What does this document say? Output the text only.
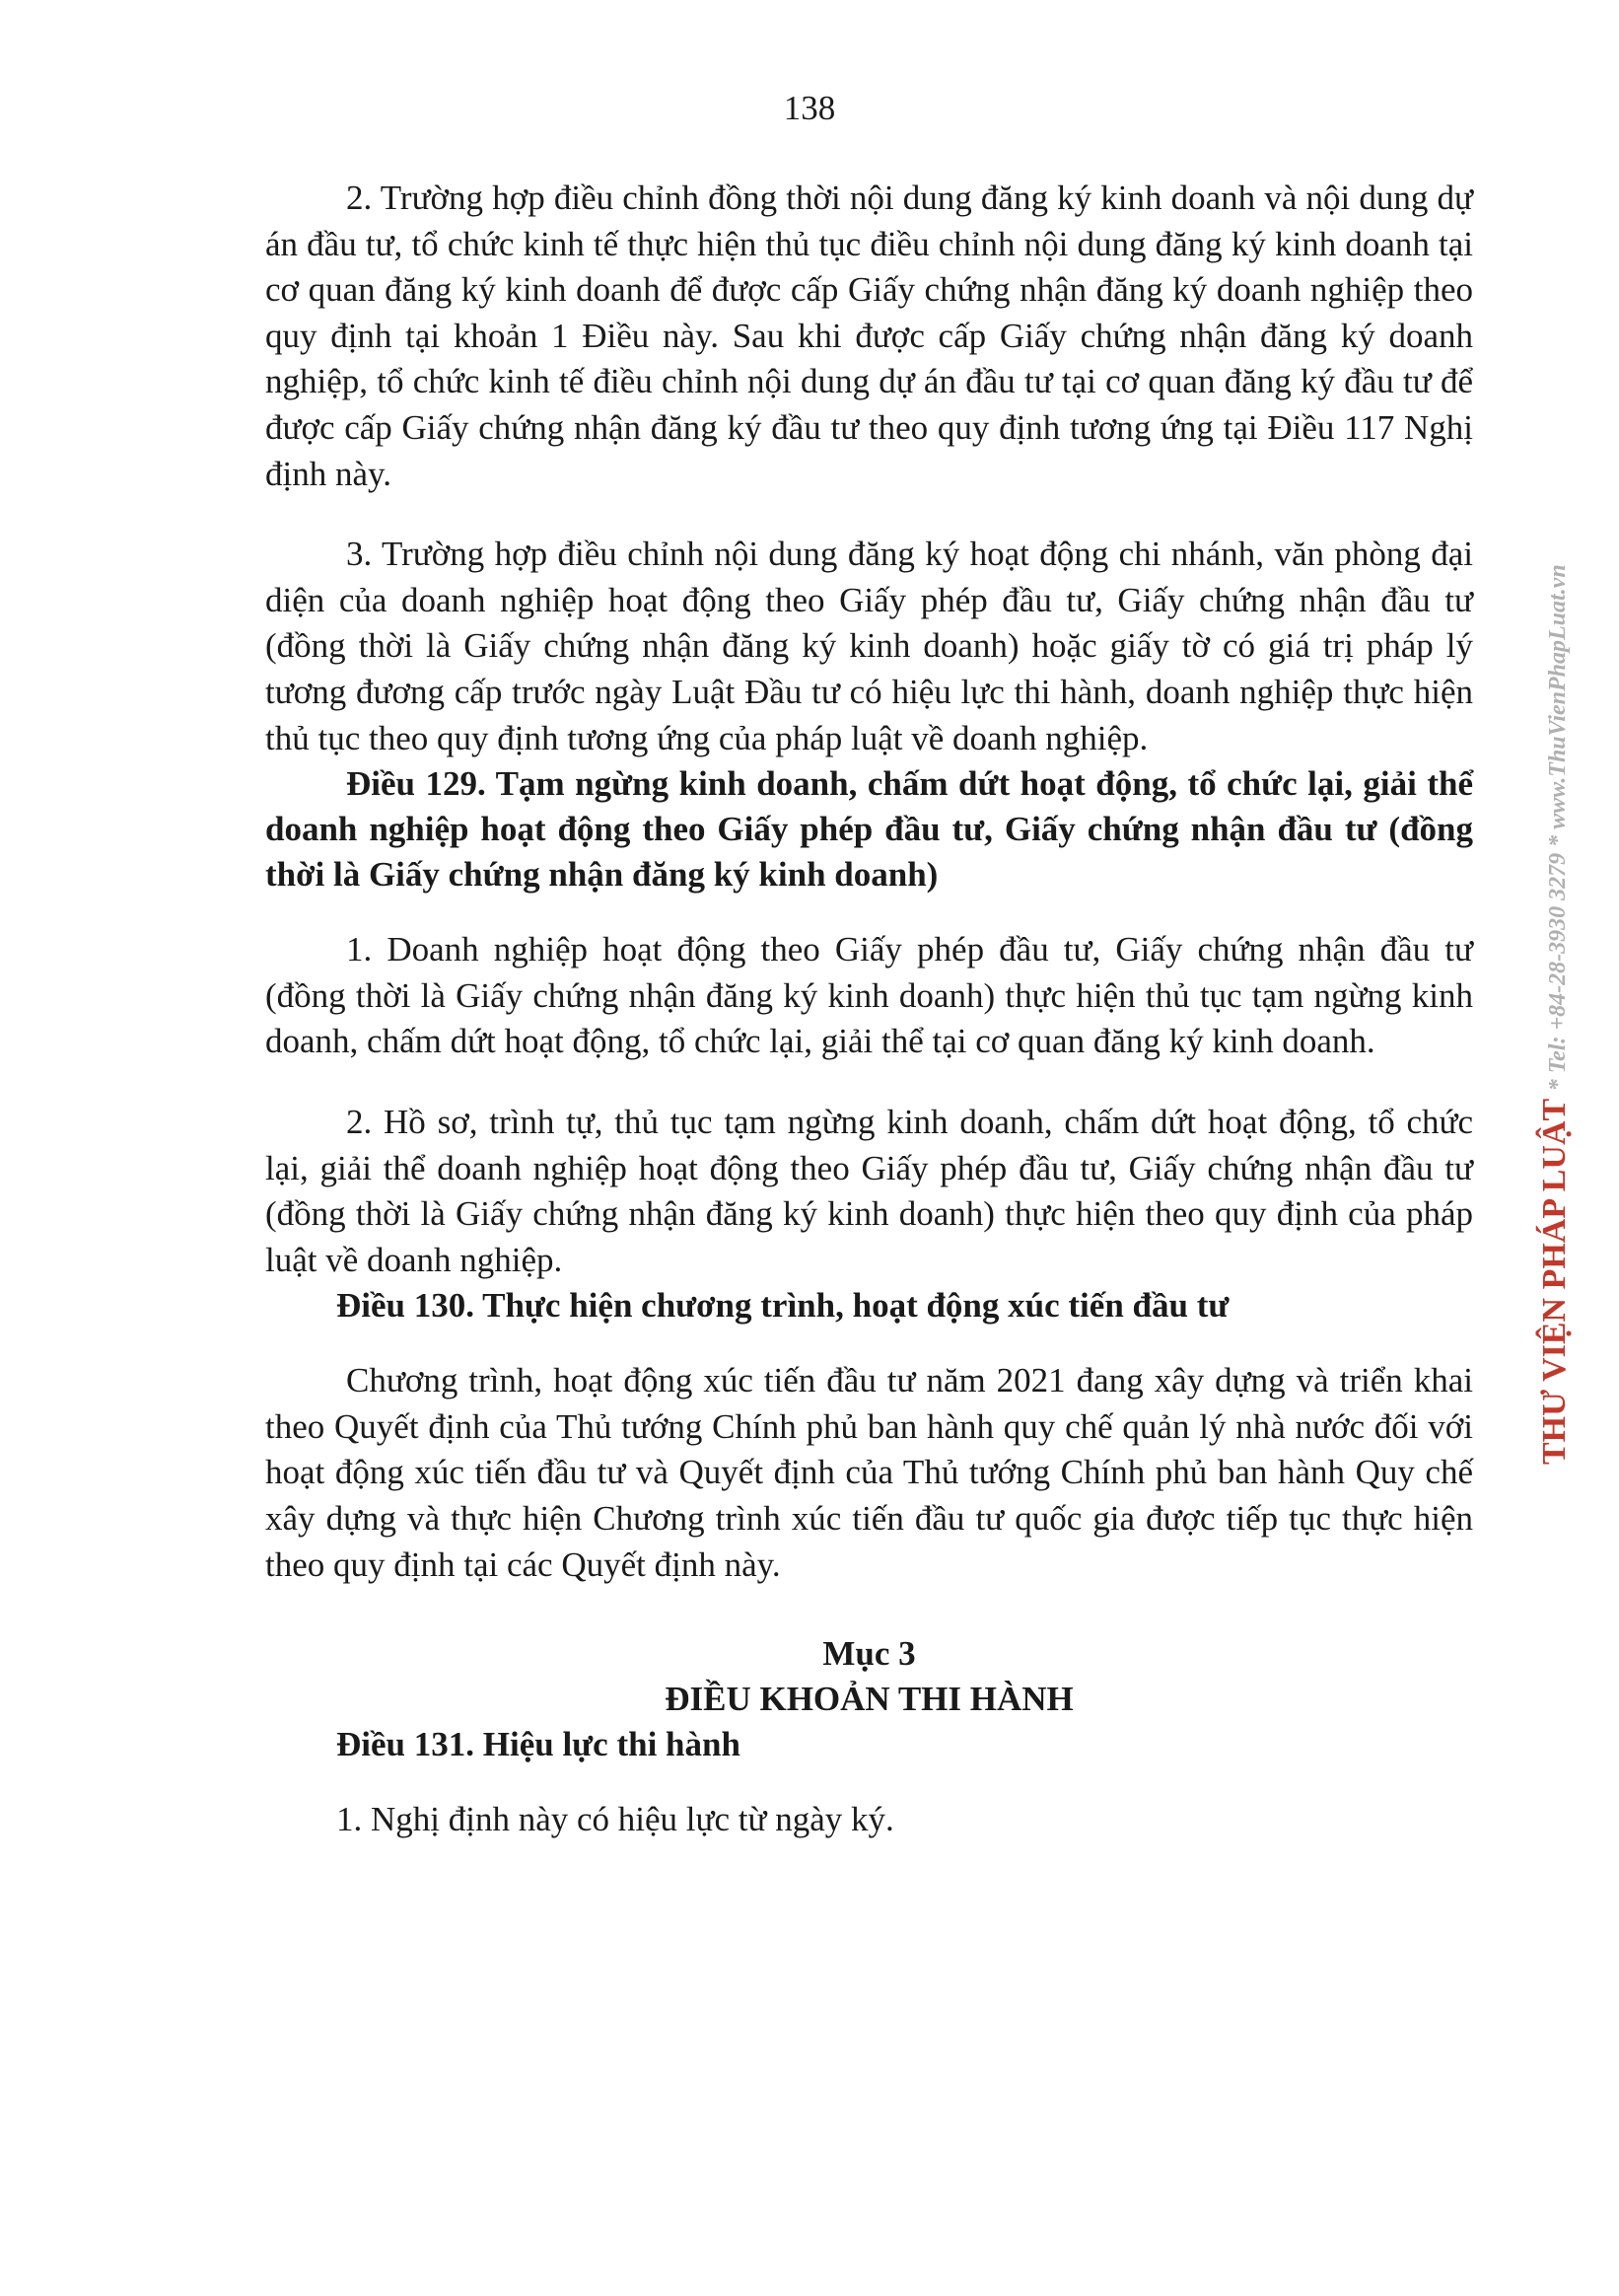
138

2. Trường hợp điều chỉnh đồng thời nội dung đăng ký kinh doanh và nội dung dự án đầu tư, tổ chức kinh tế thực hiện thủ tục điều chỉnh nội dung đăng ký kinh doanh tại cơ quan đăng ký kinh doanh để được cấp Giấy chứng nhận đăng ký doanh nghiệp theo quy định tại khoản 1 Điều này. Sau khi được cấp Giấy chứng nhận đăng ký doanh nghiệp, tổ chức kinh tế điều chỉnh nội dung dự án đầu tư tại cơ quan đăng ký đầu tư để được cấp Giấy chứng nhận đăng ký đầu tư theo quy định tương ứng tại Điều 117 Nghị định này.

3. Trường hợp điều chỉnh nội dung đăng ký hoạt động chi nhánh, văn phòng đại diện của doanh nghiệp hoạt động theo Giấy phép đầu tư, Giấy chứng nhận đầu tư (đồng thời là Giấy chứng nhận đăng ký kinh doanh) hoặc giấy tờ có giá trị pháp lý tương đương cấp trước ngày Luật Đầu tư có hiệu lực thi hành, doanh nghiệp thực hiện thủ tục theo quy định tương ứng của pháp luật về doanh nghiệp.

Điều 129. Tạm ngừng kinh doanh, chấm dứt hoạt động, tổ chức lại, giải thể doanh nghiệp hoạt động theo Giấy phép đầu tư, Giấy chứng nhận đầu tư (đồng thời là Giấy chứng nhận đăng ký kinh doanh)

1. Doanh nghiệp hoạt động theo Giấy phép đầu tư, Giấy chứng nhận đầu tư (đồng thời là Giấy chứng nhận đăng ký kinh doanh) thực hiện thủ tục tạm ngừng kinh doanh, chấm dứt hoạt động, tổ chức lại, giải thể tại cơ quan đăng ký kinh doanh.

2. Hồ sơ, trình tự, thủ tục tạm ngừng kinh doanh, chấm dứt hoạt động, tổ chức lại, giải thể doanh nghiệp hoạt động theo Giấy phép đầu tư, Giấy chứng nhận đầu tư (đồng thời là Giấy chứng nhận đăng ký kinh doanh) thực hiện theo quy định của pháp luật về doanh nghiệp.

Điều 130. Thực hiện chương trình, hoạt động xúc tiến đầu tư

Chương trình, hoạt động xúc tiến đầu tư năm 2021 đang xây dựng và triển khai theo Quyết định của Thủ tướng Chính phủ ban hành quy chế quản lý nhà nước đối với hoạt động xúc tiến đầu tư và Quyết định của Thủ tướng Chính phủ ban hành Quy chế xây dựng và thực hiện Chương trình xúc tiến đầu tư quốc gia được tiếp tục thực hiện theo quy định tại các Quyết định này.

Mục 3
ĐIỀU KHOẢN THI HÀNH

Điều 131. Hiệu lực thi hành

1. Nghị định này có hiệu lực từ ngày ký.

THƯ VIỆN PHÁP LUẬT * Tel: +84-28-3930 3279 * www.ThuVienPhapLuat.vn
